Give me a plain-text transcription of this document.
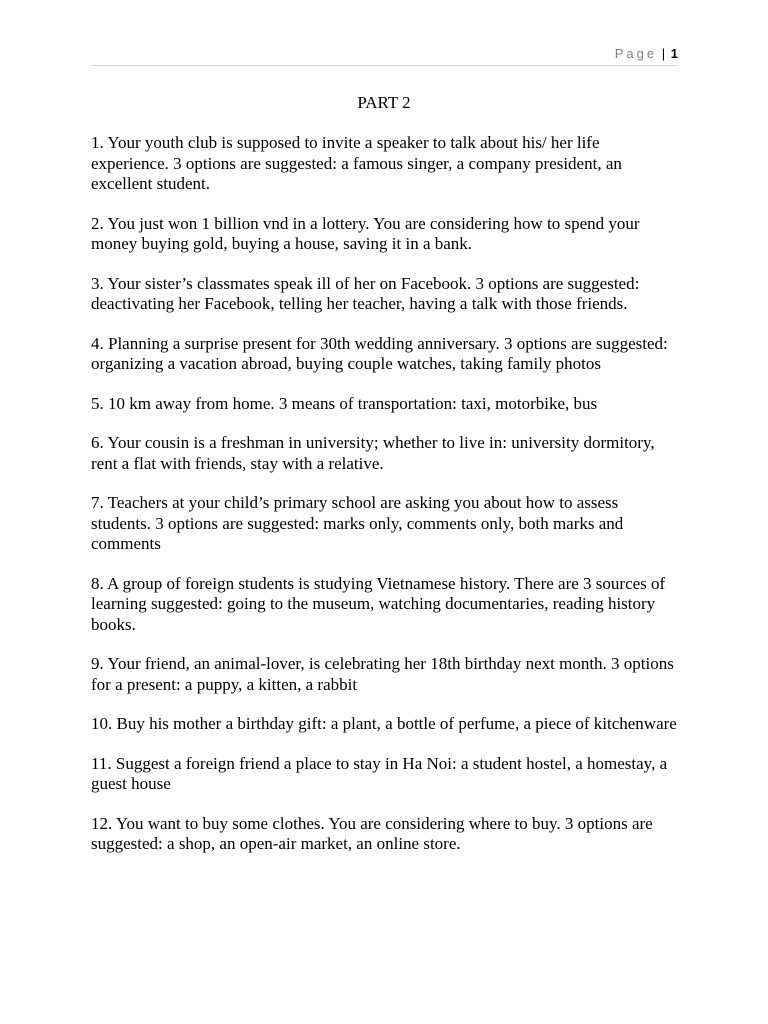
Page | 1
PART 2
1. Your youth club is supposed to invite a speaker to talk about his/ her life experience. 3 options are suggested: a famous singer, a company president, an excellent student.
2. You just won 1 billion vnd in a lottery. You are considering how to spend your money buying gold, buying a house, saving it in a bank.
3. Your sister’s classmates speak ill of her on Facebook. 3 options are suggested: deactivating her Facebook, telling her teacher, having a talk with those friends.
4. Planning a surprise present for 30th wedding anniversary. 3 options are suggested: organizing a vacation abroad, buying couple watches, taking family photos
5. 10 km away from home. 3 means of transportation: taxi, motorbike, bus
6. Your cousin is a freshman in university; whether to live in: university dormitory, rent a flat with friends, stay with a relative.
7. Teachers at your child’s primary school are asking you about how to assess students. 3 options are suggested: marks only, comments only, both marks and comments
8. A group of foreign students is studying Vietnamese history. There are 3 sources of learning suggested: going to the museum, watching documentaries, reading history books.
9. Your friend, an animal-lover, is celebrating her 18th birthday next month. 3 options for a present: a puppy, a kitten, a rabbit
10. Buy his mother a birthday gift: a plant, a bottle of perfume, a piece of kitchenware
11. Suggest a foreign friend a place to stay in Ha Noi: a student hostel, a homestay, a guest house
12. You want to buy some clothes. You are considering where to buy. 3 options are suggested: a shop, an open-air market, an online store.
